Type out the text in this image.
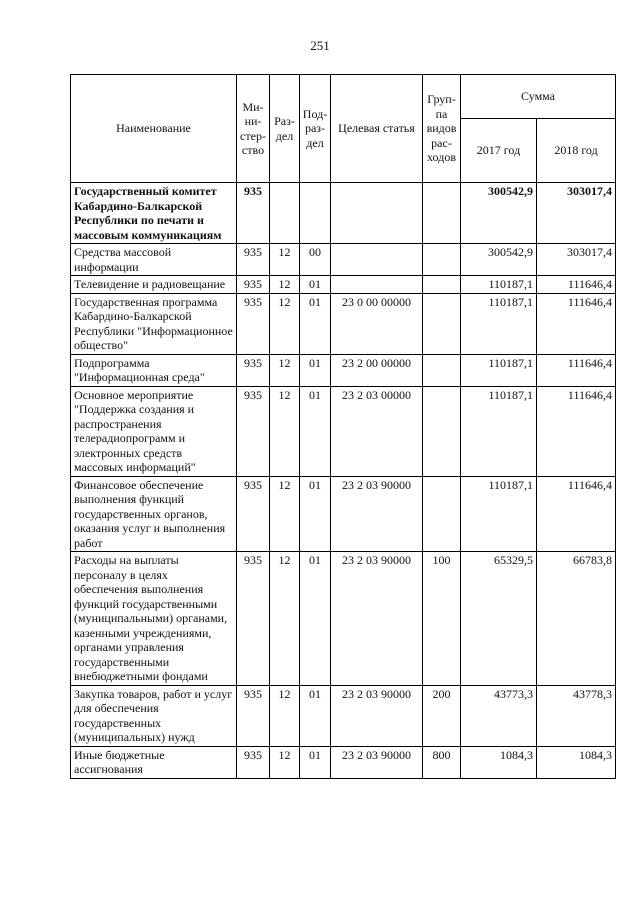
251
Наименование	Ми-ни-стер-ство	Раз-дел	Под-раз-дел	Целевая статья	Груп-па видов рас-ходов	Сумма	
						2017 год	2018 год
Государственный комитет Кабардино-Балкарской Республики по печати и массовым коммуникациям	935					300542,9	303017,4
Средства массовой информации	935	12	00			300542,9	303017,4
Телевидение и радиовещание	935	12	01			110187,1	111646,4
Государственная программа Кабардино-Балкарской Республики "Информационное общество"	935	12	01	23 0 00 00000		110187,1	111646,4
Подпрограмма "Информационная среда"	935	12	01	23 2 00 00000		110187,1	111646,4
Основное мероприятие "Поддержка создания и распространения телерадиопрограмм и электронных средств массовых информаций"	935	12	01	23 2 03 00000		110187,1	111646,4
Финансовое обеспечение выполнения функций государственных органов, оказания услуг и выполнения работ	935	12	01	23 2 03 90000		110187,1	111646,4
Расходы на выплаты персоналу в целях обеспечения выполнения функций государственными (муниципальными) органами, казенными учреждениями, органами управления государственными внебюджетными фондами	935	12	01	23 2 03 90000	100	65329,5	66783,8
Закупка товаров, работ и услуг для обеспечения государственных (муниципальных) нужд	935	12	01	23 2 03 90000	200	43773,3	43778,3
Иные бюджетные ассигнования	935	12	01	23 2 03 90000	800	1084,3	1084,3
